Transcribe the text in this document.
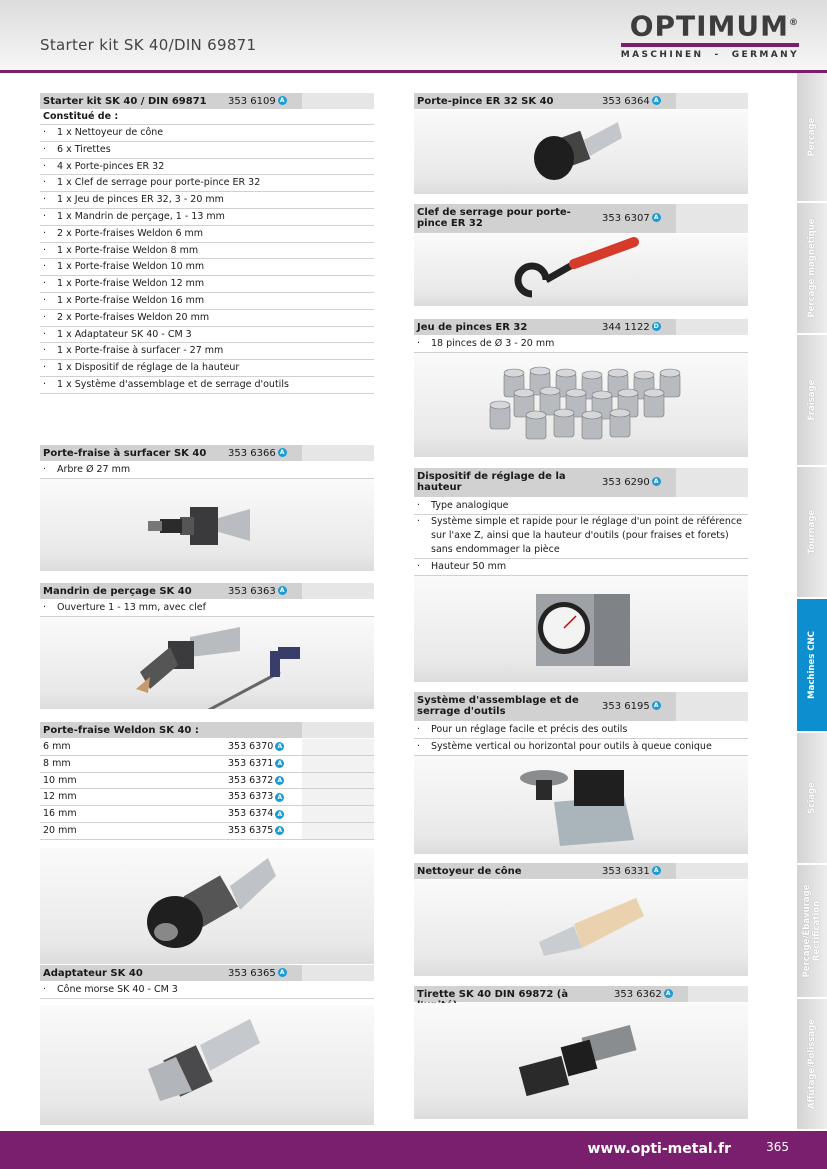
Starter kit SK 40/DIN 69871
OPTIMUM®
MASCHINEN  -  GERMANY
Perçage
Perçage magnétique
Fraisage
Tournage
Machines CNC
Sciage
Perçage/Ébavurage Rectification
Affûtage/Polissage
Starter kit SK 40 / DIN 69871	353 6109 A
Constitué de :
·	1 x Nettoyeur de cône
·	6 x Tirettes
·	4 x Porte-pinces ER 32
·	1 x Clef de serrage pour porte-pince ER 32
·	1 x Jeu de pinces ER 32, 3 - 20 mm
·	1 x Mandrin de perçage, 1 - 13 mm
·	2 x Porte-fraises Weldon 6 mm
·	1 x Porte-fraise Weldon 8 mm
·	1 x Porte-fraise Weldon 10 mm
·	1 x Porte-fraise Weldon 12 mm
·	1 x Porte-fraise Weldon 16 mm
·	2 x Porte-fraises Weldon 20 mm
·	1 x Adaptateur SK 40 - CM 3
·	1 x Porte-fraise à surfacer - 27 mm
·	1 x Dispositif de réglage de la hauteur
·	1 x Système d'assemblage et de serrage d'outils
Porte-fraise à surfacer SK 40	353 6366 A
·	Arbre Ø 27 mm
Mandrin de perçage SK 40	353 6363 A
·	Ouverture 1 - 13 mm, avec clef
Porte-fraise Weldon SK 40 :
6 mm	353 6370 A
8 mm	353 6371 A
10 mm	353 6372 A
12 mm	353 6373 A
16 mm	353 6374 A
20 mm	353 6375 A
Adaptateur SK 40	353 6365 A
·	Cône morse SK 40 - CM 3
Porte-pince ER 32 SK 40	353 6364 A
Clef de serrage pour porte-pince ER 32	353 6307 A
Jeu de pinces ER 32	344 1122 D
·	18 pinces de Ø 3 - 20 mm
Dispositif de réglage de la hauteur	353 6290 A
·	Type analogique
·	Système simple et rapide pour le réglage d'un point de référence sur l'axe Z, ainsi que la hauteur d'outils (pour fraises et forets) sans endommager la pièce
·	Hauteur 50 mm
Système d'assemblage et de serrage d'outils	353 6195 A
·	Pour un réglage facile et précis des outils
·	Système vertical ou horizontal pour outils à queue conique
Nettoyeur de cône	353 6331 A
Tirette SK 40 DIN 69872 (à	353 6362 A
www.opti-metal.fr	365
